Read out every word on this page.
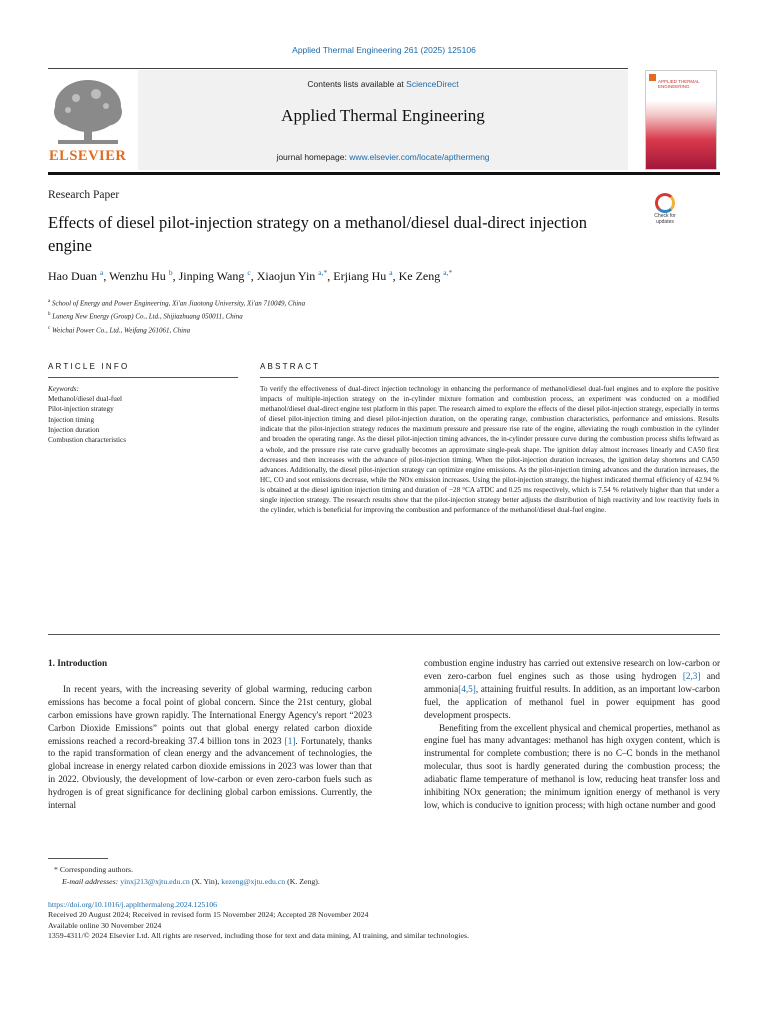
Applied Thermal Engineering 261 (2025) 125106
ELSEVIER
Contents lists available at ScienceDirect
Applied Thermal Engineering
journal homepage: www.elsevier.com/locate/apthermeng
APPLIED THERMAL ENGINEERING
Research Paper
Effects of diesel pilot-injection strategy on a methanol/diesel dual-direct injection engine
Check for updates
Hao Duan $^a$, Wenzhu Hu $^b$, Jinping Wang $^c$, Xiaojun Yin $^{a,*}$, Erjiang Hu $^a$, Ke Zeng $^{a,*}$
$^a$ School of Energy and Power Engineering, Xi'an Jiaotong University, Xi'an 710049, China
$^b$ Luneng New Energy (Group) Co., Ltd., Shijiazhuang 050011, China
$^c$ Weichai Power Co., Ltd., Weifang 261061, China
ARTICLE INFO	ABSTRACT
Keywords:
Methanol/diesel dual-fuel
Pilot-injection strategy
Injection timing
Injection duration
Combustion characteristics
To verify the effectiveness of dual-direct injection technology in enhancing the performance of methanol/diesel dual-fuel engines and to explore the positive impacts of multiple-injection strategy on the in-cylinder mixture formation and combustion process, an experiment was conducted on a modified methanol/diesel dual-direct engine test platform in this paper. The research aimed to explore the effects of the diesel pilot-injection strategy, especially in terms of diesel pilot-injection timing and diesel pilot-injection duration, on the operating range, combustion characteristics, performance and emissions. Results indicate that the pilot-injection strategy reduces the maximum pressure and pressure rise rate of the engine, alleviating the rough combustion in the cylinder and broaden the operating range. As the diesel pilot-injection timing advances, the in-cylinder pressure curve during the combustion process shifts leftward as a whole, and the pressure rise rate curve gradually becomes an approximate single-peak shape. The ignition delay almost increases linearly and CA50 first decreases and then increases with the advance of pilot-injection timing. When the pilot-injection duration increases, the ignition delay shortens and CA50 advances. Additionally, the diesel pilot-injection strategy can optimize engine emissions. As the pilot-injection timing advances and the duration increases, the HC, CO and soot emissions decrease, while the NOx emission increases. Using the pilot-injection strategy, the highest indicated thermal efficiency of 42.94 % is obtained at the diesel ignition injection timing and duration of −28 °CA aTDC and 0.25 ms respectively, which is 7.54 % relatively higher than that under a single injection strategy. The research results show that the pilot-injection strategy better adjusts the distribution of high reactivity and low reactivity fuels in the cylinder, which is beneficial for improving the combustion and performance of the methanol/diesel dual-fuel engine.
1. Introduction

In recent years, with the increasing severity of global warming, reducing carbon emissions has become a focal point of global concern. Since the 21st century, global carbon emissions have grown rapidly. The International Energy Agency's report “2023 Carbon Dioxide Emissions” points out that global energy related carbon dioxide emissions reached a record-breaking 37.4 billion tons in 2023 [1]. Fortunately, thanks to the rapid transformation of clean energy and the advancement of technologies, the global increase in energy related carbon dioxide emissions in 2023 was lower than that in 2022. Obviously, the development of low-carbon or even zero-carbon fuels such as hydrogen is of great significance for declining global carbon emissions. Currently, the internal

combustion engine industry has carried out extensive research on low-carbon or even zero-carbon fuel engines such as those using hydrogen [2,3] and ammonia[4,5], attaining fruitful results. In addition, as an important low-carbon fuel, the application of methanol fuel in power equipment has good development prospects.

Benefiting from the excellent physical and chemical properties, methanol as engine fuel has many advantages: methanol has high oxygen content, which is instrumental for complete combustion; there is no C–C bonds in the methanol molecular, thus soot is hardly generated during the combustion process; the adiabatic flame temperature of methanol is low, reducing heat transfer loss and inhibiting NOx generation; the minimum ignition energy of methanol is very low, which is conducive to ignition process; with high octane number and good

* Corresponding authors.
E-mail addresses: yinxj213@xjtu.edu.cn (X. Yin), kezeng@xjtu.edu.cn (K. Zeng).
https://doi.org/10.1016/j.applthermaleng.2024.125106
Received 20 August 2024; Received in revised form 15 November 2024; Accepted 28 November 2024
Available online 30 November 2024
1359-4311/© 2024 Elsevier Ltd. All rights are reserved, including those for text and data mining, AI training, and similar technologies.
